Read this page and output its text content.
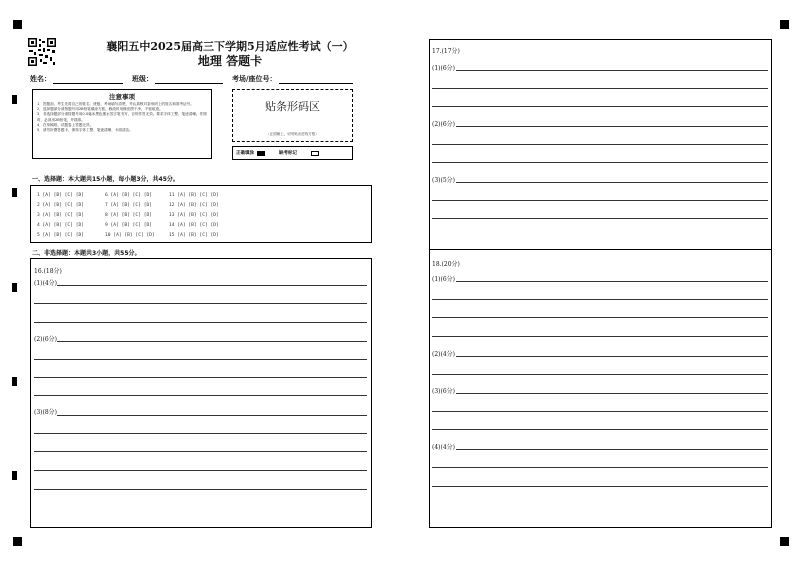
襄阳五中2025届高三下学期5月适应性考试（一）
地理 答题卡
姓名：	班级：	考场/座位号：
注意事项
1．答题前，考生先将自己的姓名、班级、考场填写清楚，并认真核对条形码上的姓名和准考证号。
2．选择题部分请按题号用2B铅笔填涂方框，修改时用橡皮擦干净，不留痕迹。
3．非选择题部分请按题号用0.5毫米黑色墨水签字笔书写，否则作答无效。要求字体工整、笔迹清晰。作图时，必须用2B铅笔，并描浓。
4．在草稿纸、试题卷上答题无效。
5．请勿折叠答题卡，保持字体工整、笔迹清晰、卡面清洁。
贴条形码区
（正面朝上，切勿贴出虚线方框）
正确填涂	缺考标记
一、选择题：本大题共15小题，每小题3分，共45分。
1 [A] [B] [C] [D]
2 [A] [B] [C] [D]
3 [A] [B] [C] [D]
4 [A] [B] [C] [D]
5 [A] [B] [C] [D]
6 [A] [B] [C] [D]
7 [A] [B] [C] [D]
8 [A] [B] [C] [D]
9 [A] [B] [C] [D]
10 [A] [B] [C] [D]
11 [A] [B] [C] [D]
12 [A] [B] [C] [D]
13 [A] [B] [C] [D]
14 [A] [B] [C] [D]
15 [A] [B] [C] [D]
二、非选择题：本题共3小题，共55分。
16.(18分)
(1)(4分)
(2)(6分)
(3)(8分)
17.(17分)
(1)(6分)
(2)(6分)
(3)(5分)
18.(20分)
(1)(6分)
(2)(4分)
(3)(6分)
(4)(4分)
